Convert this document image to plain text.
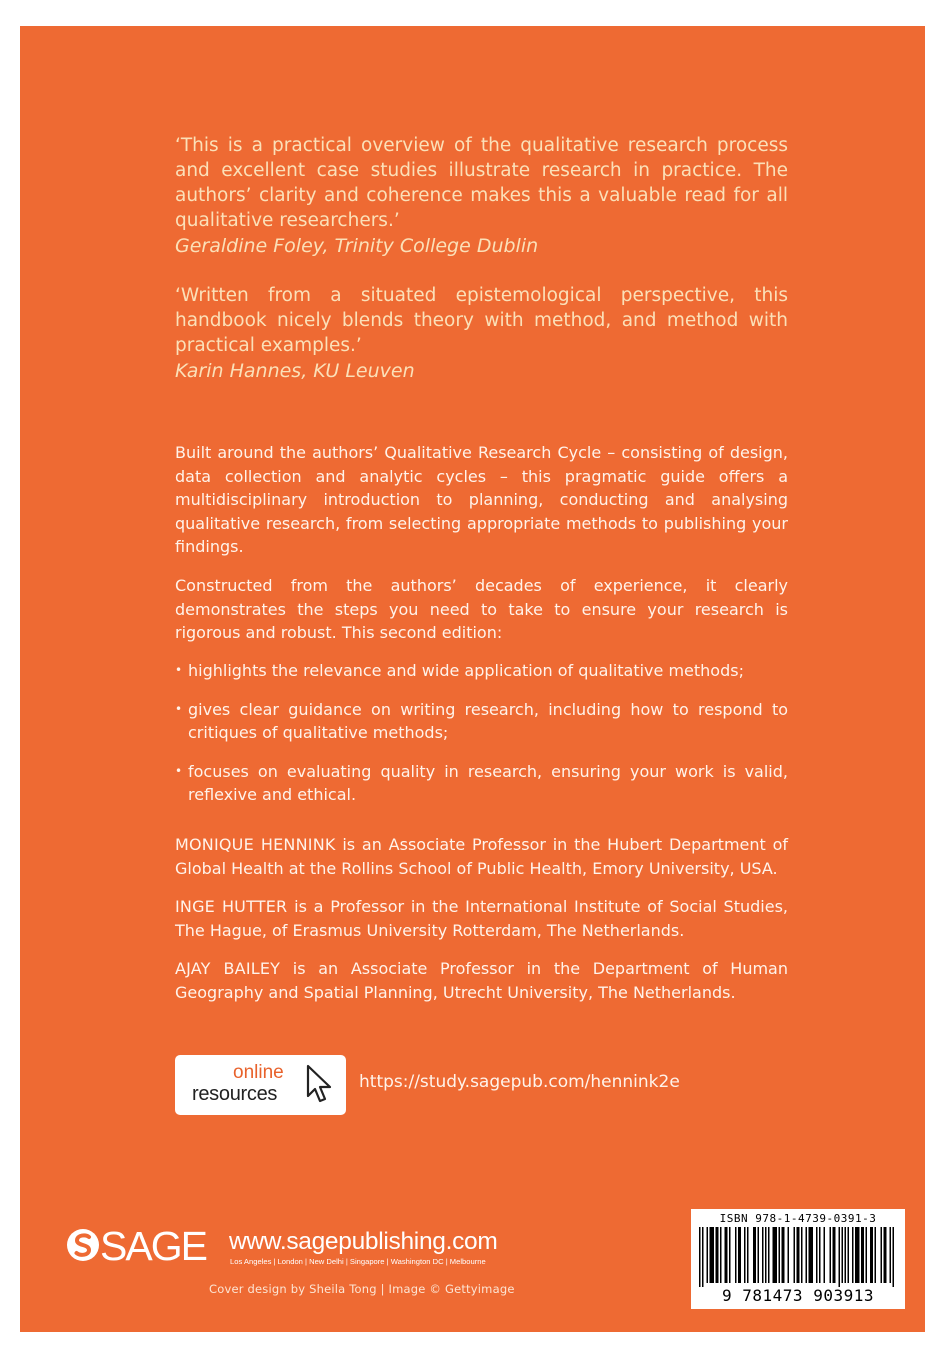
‘This is a practical overview of the qualitative research process and excellent case studies illustrate research in practice. The authors’ clarity and coherence makes this a valuable read for all qualitative researchers.’

Geraldine Foley, Trinity College Dublin

‘Written from a situated epistemological perspective, this handbook nicely blends theory with method, and method with practical examples.’

Karin Hannes, KU Leuven

Built around the authors’ Qualitative Research Cycle – consisting of design, data collection and analytic cycles – this pragmatic guide offers a multidisciplinary introduction to planning, conducting and analysing qualitative research, from selecting appropriate methods to publishing your findings.

Constructed from the authors’ decades of experience, it clearly demonstrates the steps you need to take to ensure your research is rigorous and robust. This second edition:

• highlights the relevance and wide application of qualitative methods;
• gives clear guidance on writing research, including how to respond to critiques of qualitative methods;
• focuses on evaluating quality in research, ensuring your work is valid, reflexive and ethical.

MONIQUE HENNINK is an Associate Professor in the Hubert Department of Global Health at the Rollins School of Public Health, Emory University, USA.

INGE HUTTER is a Professor in the International Institute of Social Studies, The Hague, of Erasmus University Rotterdam, The Netherlands.

AJAY BAILEY is an Associate Professor in the Department of Human Geography and Spatial Planning, Utrecht University, The Netherlands.

online
resources
https://study.sagepub.com/hennink2e
SAGE www.sagepublishing.com
Los Angeles | London | New Delhi | Singapore | Washington DC | Melbourne
Cover design by Sheila Tong | Image © Gettyimage
ISBN 978-1-4739-0391-3
9 781473 903913
